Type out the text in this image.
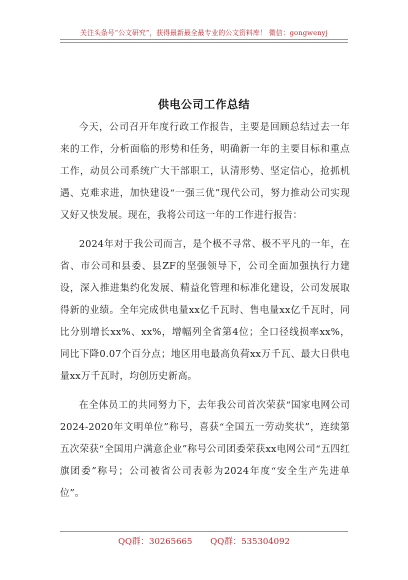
关注头条号“公文研究”，获得最新最全最专业的公文资料库！ 微信：gongwenyj
供电公司工作总结

今天，公司召开年度行政工作报告，主要是回顾总结过去一年来的工作，分析面临的形势和任务，明确新一年的主要目标和重点工作，动员公司系统广大干部职工，认清形势、坚定信心，抢抓机遇、克难求进，加快建设“一强三优”现代公司，努力推动公司实现又好又快发展。现在，我将公司这一年的工作进行报告：

2024年对于我公司而言，是个极不寻常、极不平凡的一年，在省、市公司和县委、县ZF的坚强领导下，公司全面加强执行力建设，深入推进集约化发展、精益化管理和标准化建设，公司发展取得新的业绩。全年完成供电量xx亿千瓦时、售电量xx亿千瓦时，同比分别增长xx%、xx%，增幅列全省第4位；全口径线损率xx%，同比下降0.07个百分点；地区用电最高负荷xx万千瓦、最大日供电量xx万千瓦时，均创历史新高。

在全体员工的共同努力下，去年我公司首次荣获“国家电网公司2024-2020年文明单位”称号，喜获“全国五一劳动奖状”，连续第五次荣获“全国用户满意企业”称号公司团委荣获xx电网公司“五四红旗团委”称号；公司被省公司表彰为2024年度“安全生产先进单位”。

QQ群：30265665 QQ群：535304092
